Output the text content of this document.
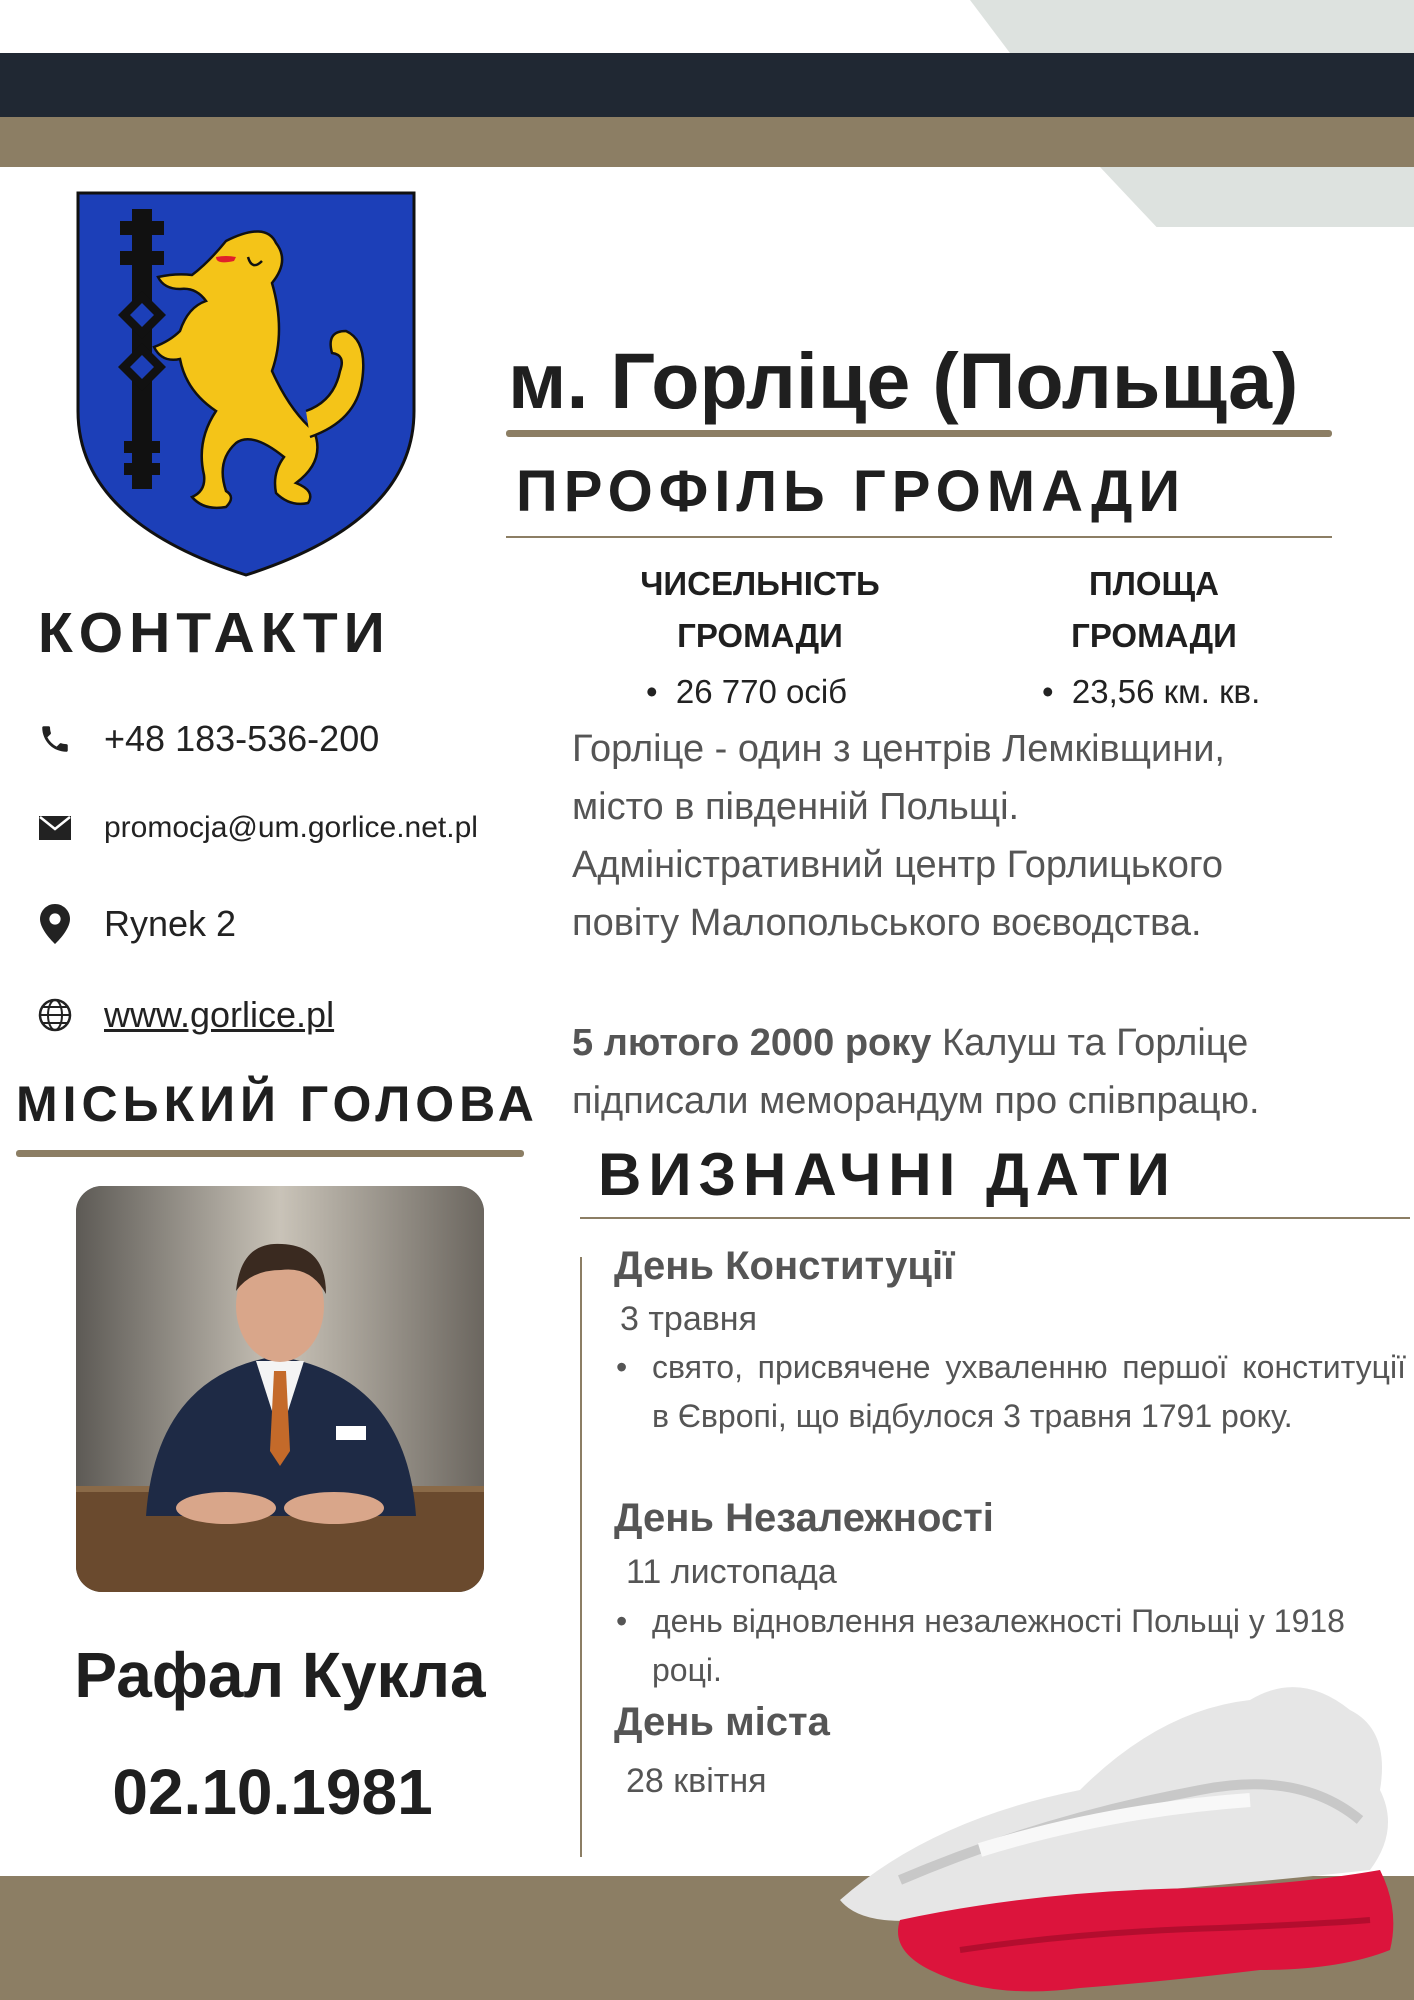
м. Горліце (Польща)
ПРОФІЛЬ ГРОМАДИ
ЧИСЕЛЬНІСТЬ
ГРОМАДИ
ПЛОЩА
ГРОМАДИ
•  26 770 осіб	•  23,56 км. кв.
Горліце - один з центрів Лемківщини,
місто в південній Польщі.
Адміністративний центр Горлицького
повіту Малопольського воєводства.
5 лютого 2000 року Калуш та Горліце
підписали меморандум про співпрацю.
КОНТАКТИ
+48 183-536-200
promocja@um.gorlice.net.pl
Rynek 2
www.gorlice.pl
МІСЬКИЙ ГОЛОВА
Рафал Кукла
02.10.1981
ВИЗНАЧНІ ДАТИ
День Конституції
3 травня
• свято, присвячене ухваленню першої конституції в Європі, що відбулося 3 травня 1791 року.
День Незалежності
11 листопада
• день відновлення незалежності Польщі у 1918 році.
День міста
28 квітня
